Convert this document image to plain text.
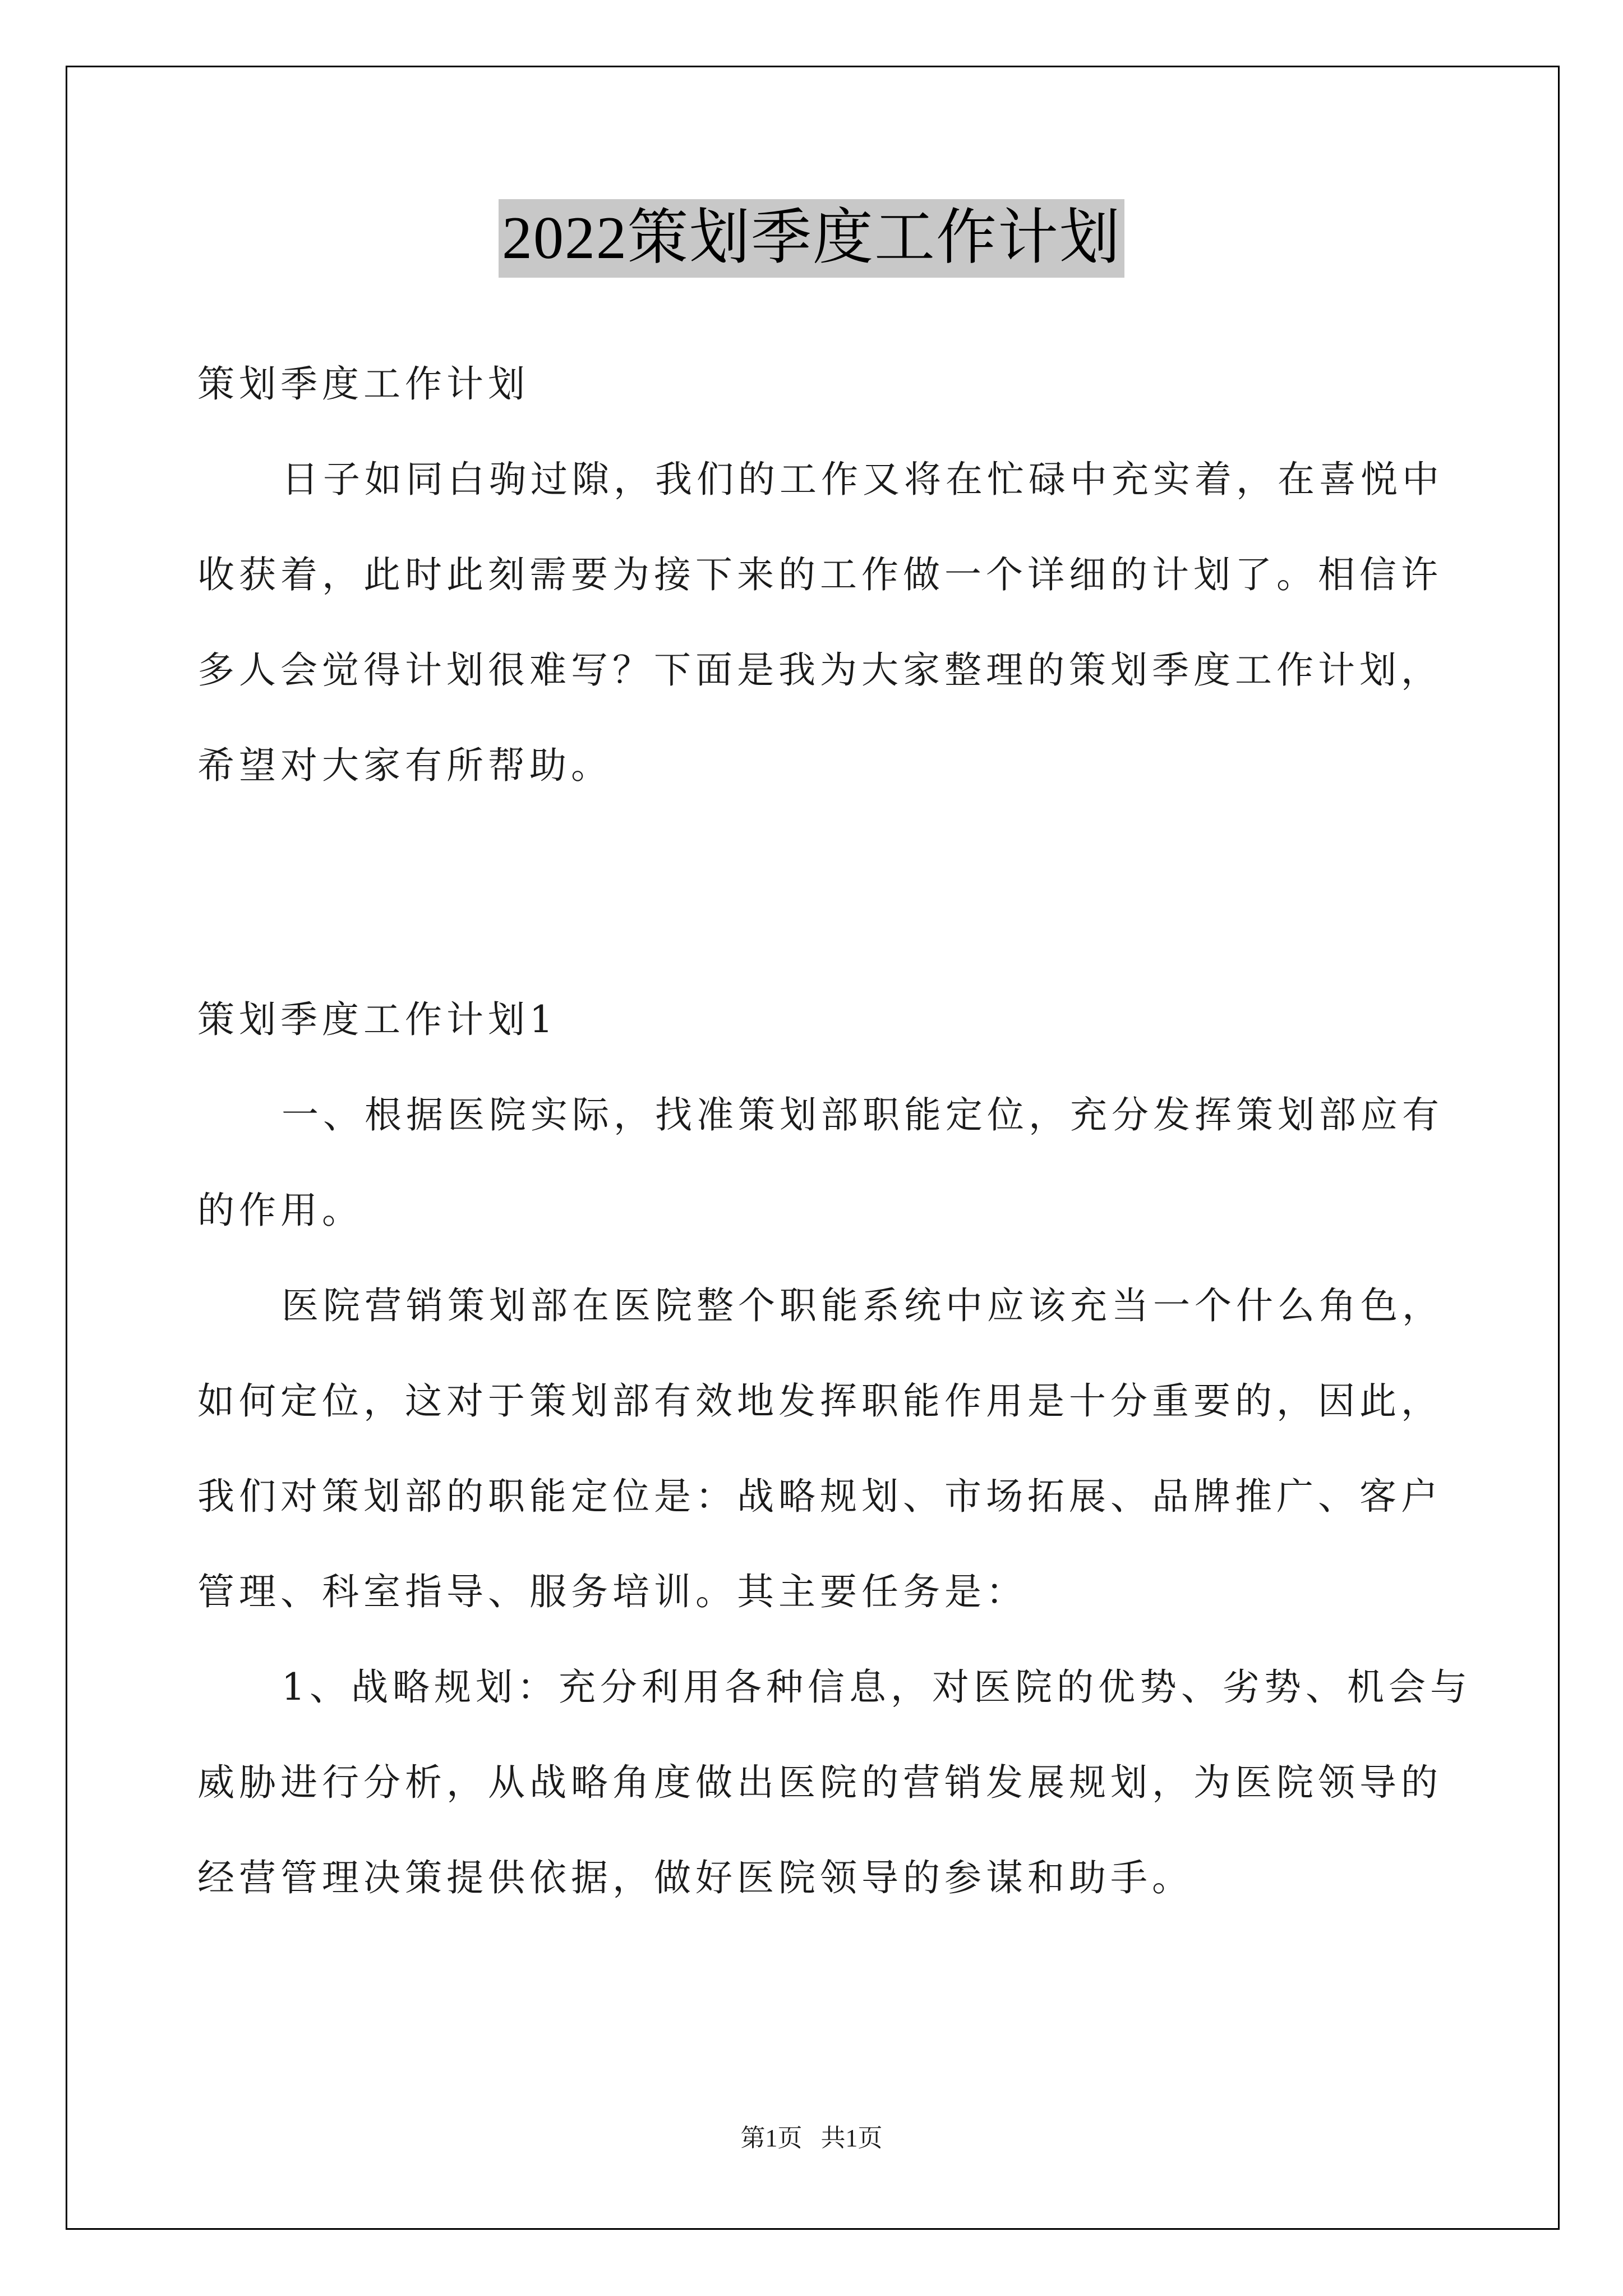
2022策划季度工作计划
策划季度工作计划
日子如同白驹过隙，我们的工作又将在忙碌中充实着，在喜悦中
收获着，此时此刻需要为接下来的工作做一个详细的计划了。相信许
多人会觉得计划很难写？下面是我为大家整理的策划季度工作计划，
希望对大家有所帮助。
策划季度工作计划1
一、根据医院实际，找准策划部职能定位，充分发挥策划部应有
的作用。
医院营销策划部在医院整个职能系统中应该充当一个什么角色，
如何定位，这对于策划部有效地发挥职能作用是十分重要的，因此，
我们对策划部的职能定位是：战略规划、市场拓展、品牌推广、客户
管理、科室指导、服务培训。其主要任务是：
1、战略规划：充分利用各种信息，对医院的优势、劣势、机会与
威胁进行分析，从战略角度做出医院的营销发展规划，为医院领导的
经营管理决策提供依据，做好医院领导的参谋和助手。
第1页   共1页
